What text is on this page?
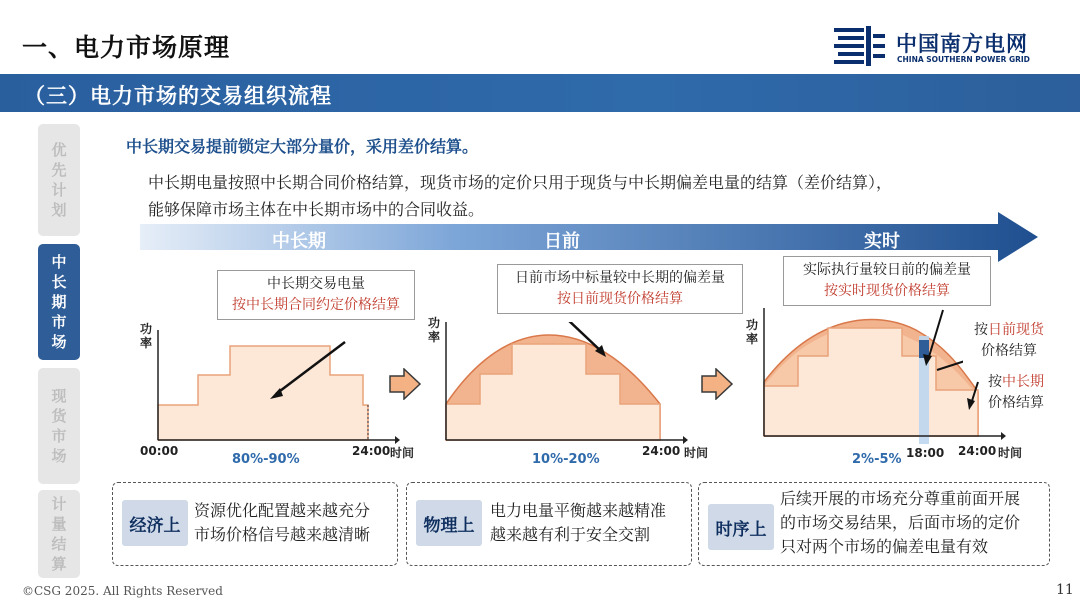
一、电力市场原理	中国南方电网
CHINA SOUTHERN POWER GRID
（三）电力市场的交易组织流程
优
先
计
划
中
长
期
市
场
现
货
市
场
计
量
结
算
中长期交易提前锁定大部分量价，采用差价结算。
中长期电量按照中长期合同价格结算，现货市场的定价只用于现货与中长期偏差电量的结算（差价结算），
能够保障市场主体在中长期市场中的合同收益。
中长期	日前	实时
中长期交易电量
按中长期合同约定价格结算
功
率
00:00	24:00 时间
80%-90%
日前市场中标量较中长期的偏差量
按日前现货价格结算
功
率
24:00 时间
10%-20%
实际执行量较日前的偏差量
按实时现货价格结算
功
率
按日前现货
价格结算
按中长期
价格结算
18:00 24:00 时间
2%-5%
经济上
资源优化配置越来越充分
市场价格信号越来越清晰	物理上
电力电量平衡越来越精准
越来越有利于安全交割	时序上
后续开展的市场充分尊重前面开展
的市场交易结果，后面市场的定价
只对两个市场的偏差电量有效
©CSG 2025. All Rights Reserved	11
